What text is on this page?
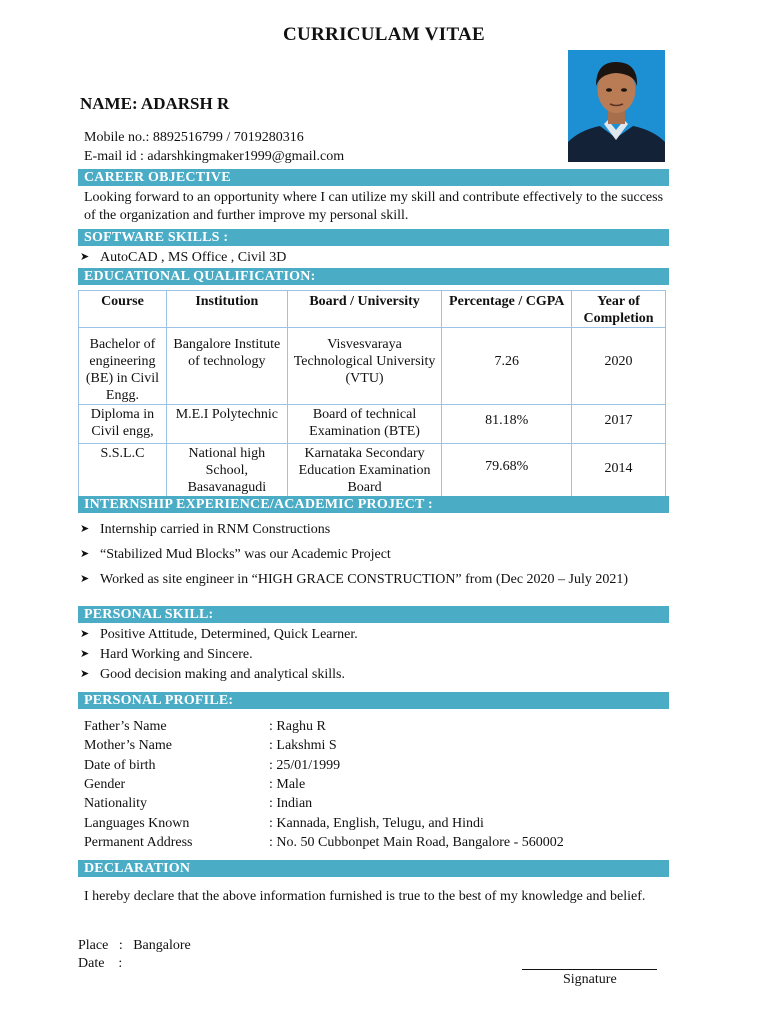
CURRICULAM VITAE
NAME: ADARSH R
Mobile no.: 8892516799 / 7019280316
E-mail id : adarshkingmaker1999@gmail.com
CAREER OBJECTIVE
Looking forward to an opportunity where I can utilize my skill and contribute effectively to the success of the organization and further improve my personal skill.
SOFTWARE SKILLS :
➤ AutoCAD , MS Office , Civil 3D
EDUCATIONAL QUALIFICATION:
Course	Institution	Board / University	Percentage / CGPA	Year of Completion
Bachelor of engineering (BE) in Civil Engg.	Bangalore Institute of technology	Visvesvaraya Technological University (VTU)	7.26	2020
Diploma in Civil engg,	M.E.I Polytechnic	Board of technical Examination (BTE)	81.18%	2017
S.S.L.C	National high School, Basavanagudi	Karnataka Secondary Education Examination Board	79.68%	2014
INTERNSHIP EXPERIENCE/ACADEMIC PROJECT :
➤ Internship carried in RNM Constructions
➤ “Stabilized Mud Blocks” was our Academic Project
➤ Worked as site engineer in “HIGH GRACE CONSTRUCTION” from (Dec 2020 – July 2021)
PERSONAL SKILL:
➤ Positive Attitude, Determined, Quick Learner.
➤ Hard Working and Sincere.
➤ Good decision making and analytical skills.
PERSONAL PROFILE:
Father’s Name	: Raghu R
Mother’s Name	: Lakshmi S
Date of birth	: 25/01/1999
Gender	: Male
Nationality	: Indian
Languages Known	: Kannada, English, Telugu, and Hindi
Permanent Address	: No. 50 Cubbonpet Main Road, Bangalore - 560002
DECLARATION
I hereby declare that the above information furnished is true to the best of my knowledge and belief.
Place   :   Bangalore
Date    :
Signature
